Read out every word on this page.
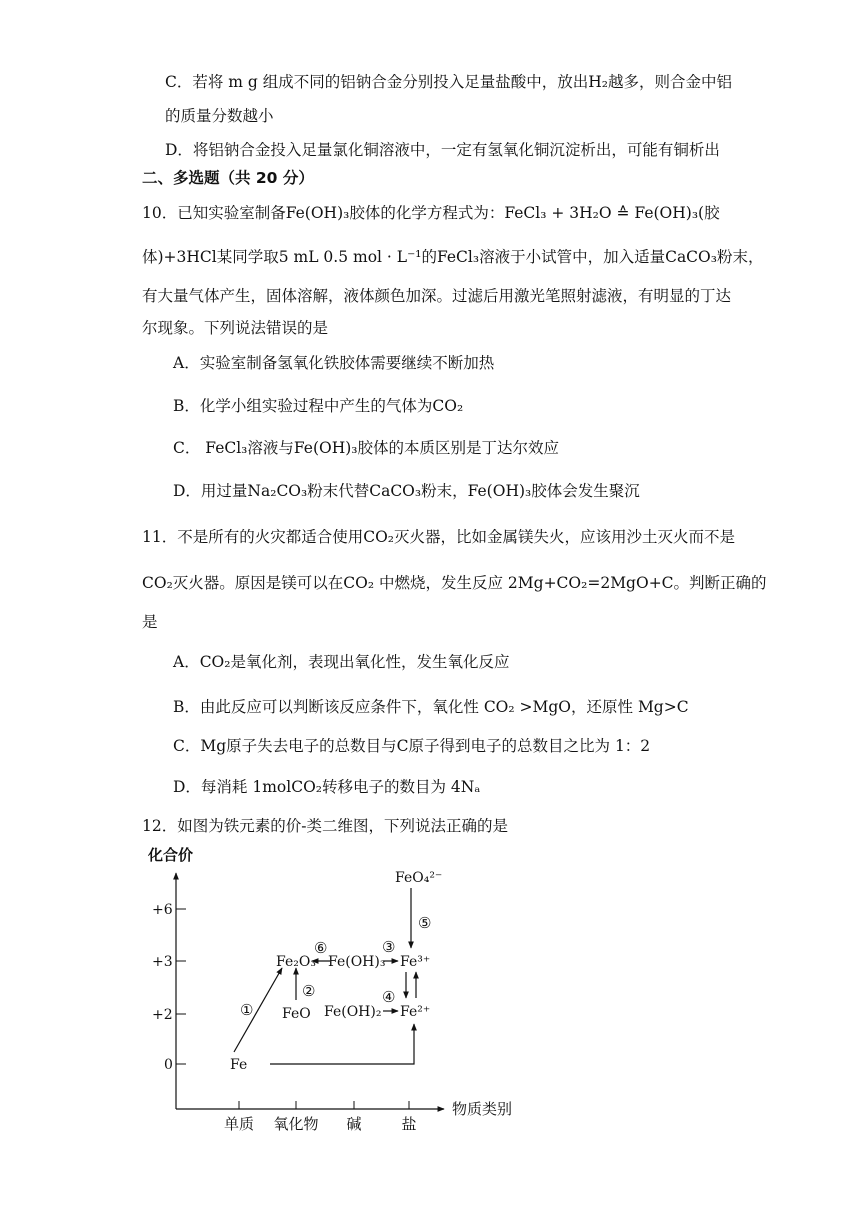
C．若将 m g 组成不同的铝钠合金分别投入足量盐酸中，放出H₂越多，则合金中铝
的质量分数越小
D．将铝钠合金投入足量氯化铜溶液中，一定有氢氧化铜沉淀析出，可能有铜析出
二、多选题（共 20 分）
10．已知实验室制备Fe(OH)₃胶体的化学方程式为：FeCl₃ + 3H₂O ≙ Fe(OH)₃(胶
体)+3HCl某同学取5 mL 0.5 mol · L⁻¹的FeCl₃溶液于小试管中，加入适量CaCO₃粉末，
有大量气体产生，固体溶解，液体颜色加深。过滤后用激光笔照射滤液，有明显的丁达
尔现象。下列说法错误的是
A．实验室制备氢氧化铁胶体需要继续不断加热
B．化学小组实验过程中产生的气体为CO₂
C． FeCl₃溶液与Fe(OH)₃胶体的本质区别是丁达尔效应
D．用过量Na₂CO₃粉末代替CaCO₃粉末，Fe(OH)₃胶体会发生聚沉
11．不是所有的火灾都适合使用CO₂灭火器，比如金属镁失火，应该用沙土灭火而不是
CO₂灭火器。原因是镁可以在CO₂ 中燃烧，发生反应 2Mg+CO₂=2MgO+C。判断正确的
是
A．CO₂是氧化剂，表现出氧化性，发生氧化反应
B．由此反应可以判断该反应条件下，氧化性 CO₂ >MgO，还原性 Mg>C
C．Mg原子失去电子的总数目与C原子得到电子的总数目之比为 1：2
D．每消耗 1molCO₂转移电子的数目为 4Nₐ
12．如图为铁元素的价-类二维图，下列说法正确的是
化合价
物质类别
+6
+3
+2
0
单质 氧化物 碱	盐
Fe
FeO
Fe₂O₃ Fe(OH)₃
Fe(OH)₂
Fe³⁺
Fe²⁺
FeO₄²⁻
①
②
③
④
⑤
⑥
